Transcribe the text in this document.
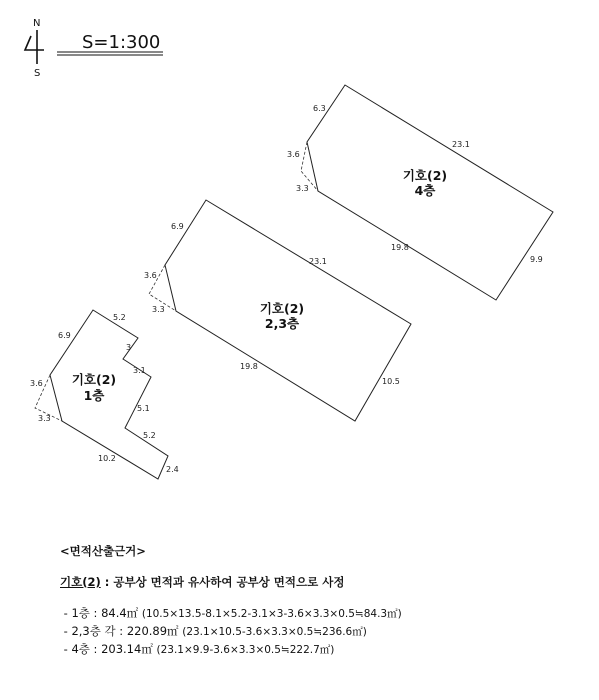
N
S
S=1:300
6.3
23.1
3.6
3.3
19.8
9.9
기호(2)
4층
6.9
23.1
3.6
3.3
19.8
10.5
기호(2)
2,3층
6.9
5.2
3
3.1
3.6
5.1
3.3
5.2
10.2
2.4
기호(2)
1층
<면적산출근거>
기호(2) : 공부상 면적과 유사하여 공부상 면적으로 사정
- 1층 : 84.4㎡ (10.5×13.5-8.1×5.2-3.1×3-3.6×3.3×0.5≒84.3㎡)
- 2,3층 각 : 220.89㎡ (23.1×10.5-3.6×3.3×0.5≒236.6㎡)
- 4층 : 203.14㎡ (23.1×9.9-3.6×3.3×0.5≒222.7㎡)
